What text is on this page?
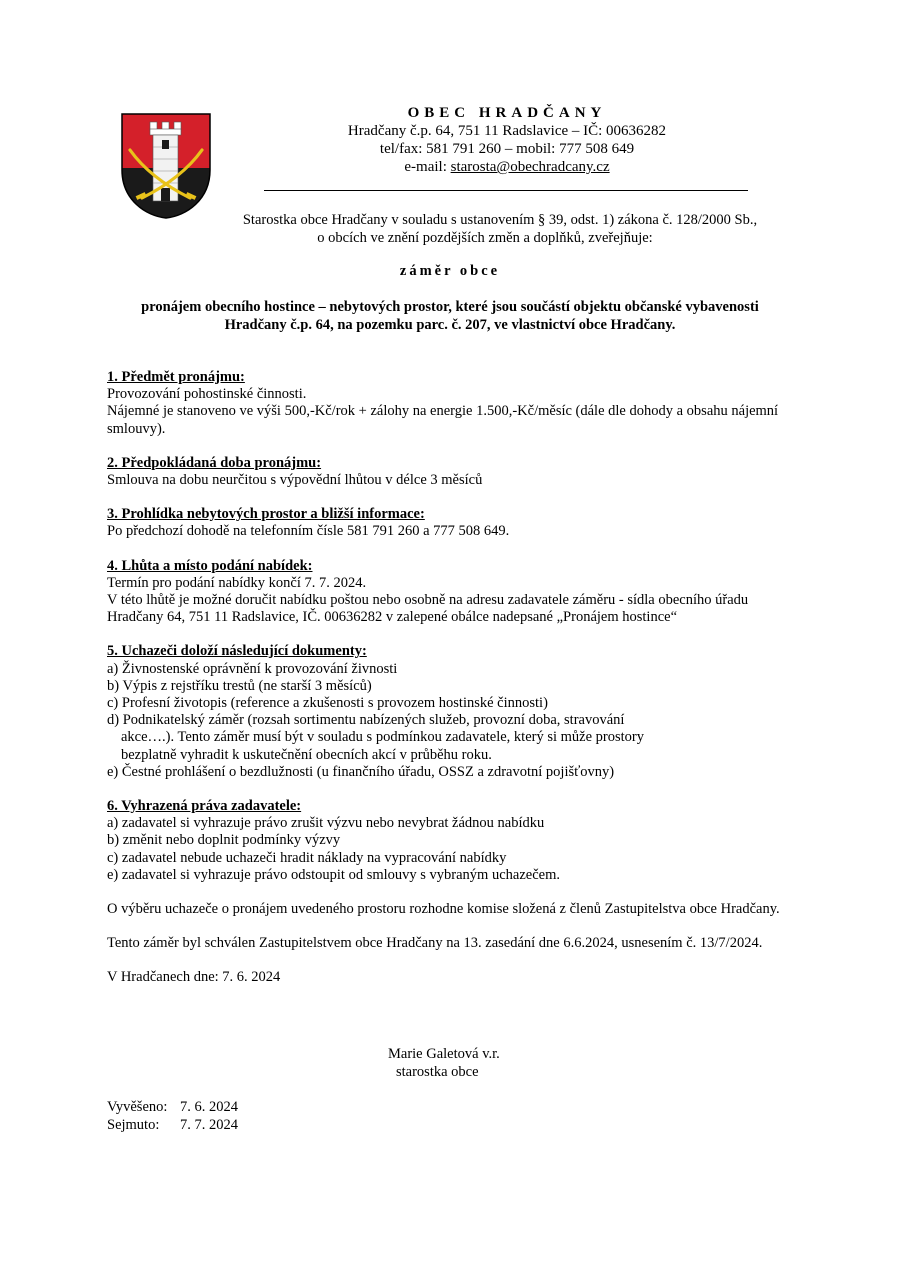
OBEC HRADČANY
Hradčany č.p. 64, 751 11 Radslavice – IČ: 00636282
tel/fax: 581 791 260 – mobil: 777 508 649
e-mail: starosta@obechradcany.cz
Starostka obce Hradčany v souladu s ustanovením § 39, odst. 1) zákona č. 128/2000 Sb.,
o obcích ve znění pozdějších změn a doplňků, zveřejňuje:
záměr obce
pronájem obecního hostince – nebytových prostor, které jsou součástí objektu občanské vybavenosti
Hradčany č.p. 64, na pozemku parc. č. 207, ve vlastnictví obce Hradčany.
1. Předmět pronájmu:
Provozování pohostinské činnosti.
Nájemné je stanoveno ve výši 500,-Kč/rok + zálohy na energie 1.500,-Kč/měsíc (dále dle dohody a obsahu nájemní smlouvy).
2. Předpokládaná doba pronájmu:
Smlouva na dobu neurčitou s výpovědní lhůtou v délce 3 měsíců
3. Prohlídka nebytových prostor a bližší informace:
Po předchozí dohodě na telefonním čísle 581 791 260 a 777 508 649.
4. Lhůta a místo podání nabídek:
Termín pro podání nabídky končí 7. 7. 2024.
V této lhůtě je možné doručit nabídku poštou nebo osobně na adresu zadavatele záměru - sídla obecního úřadu Hradčany 64, 751 11 Radslavice, IČ. 00636282 v zalepené obálce nadepsané „Pronájem hostince“
5. Uchazeči doloží následující dokumenty:
a) Živnostenské oprávnění k provozování živnosti
b) Výpis z rejstříku trestů (ne starší 3 měsíců)
c) Profesní životopis (reference a zkušenosti s provozem hostinské činnosti)
d) Podnikatelský záměr (rozsah sortimentu nabízených služeb, provozní doba, stravování
akce….). Tento záměr musí být v souladu s podmínkou zadavatele, který si může prostory
bezplatně vyhradit k uskutečnění obecních akcí v průběhu roku.
e) Čestné prohlášení o bezdlužnosti (u finančního úřadu, OSSZ a zdravotní pojišťovny)
6. Vyhrazená práva zadavatele:
a) zadavatel si vyhrazuje právo zrušit výzvu nebo nevybrat žádnou nabídku
b) změnit nebo doplnit podmínky výzvy
c) zadavatel nebude uchazeči hradit náklady na vypracování nabídky
e) zadavatel si vyhrazuje právo odstoupit od smlouvy s vybraným uchazečem.
O výběru uchazeče o pronájem uvedeného prostoru rozhodne komise složená z členů Zastupitelstva obce Hradčany.
Tento záměr byl schválen Zastupitelstvem obce Hradčany na 13. zasedání dne 6.6.2024, usnesením č. 13/7/2024.
V Hradčanech dne: 7. 6. 2024
Marie Galetová v.r.
starostka obce
Vyvěšeno: 7. 6. 2024
Sejmuto: 7. 7. 2024
